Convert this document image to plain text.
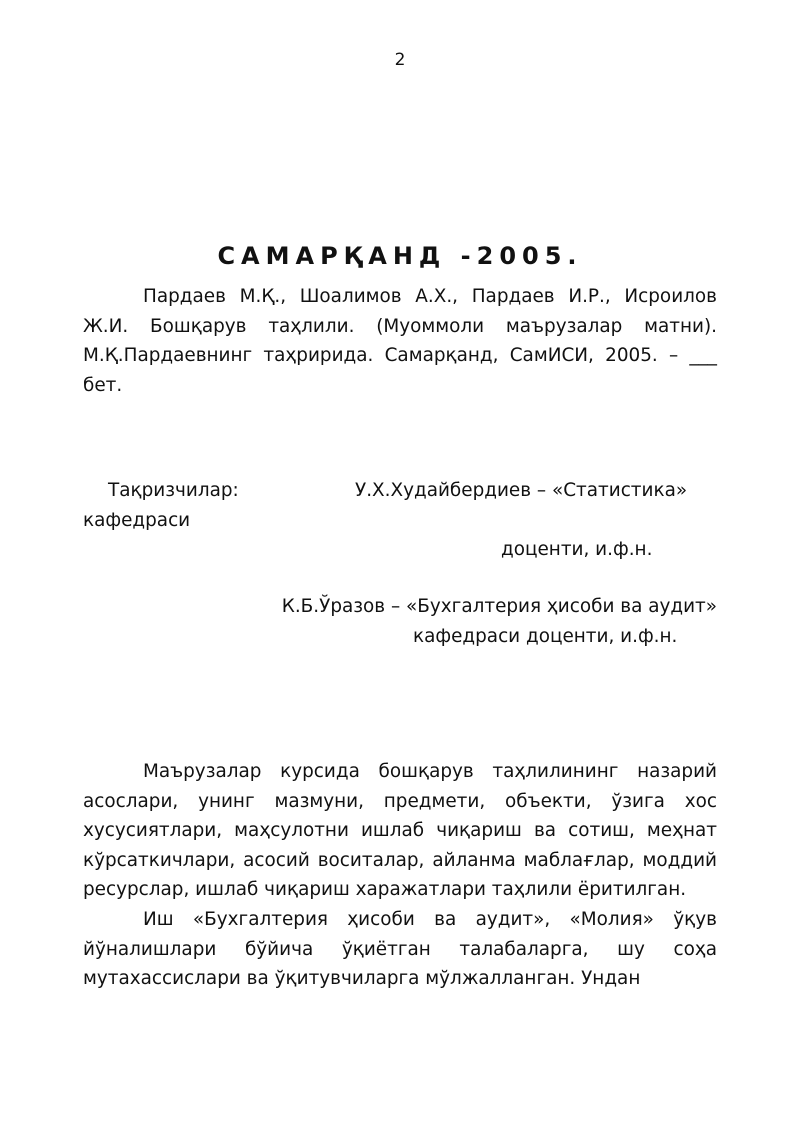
2
САМАРҚАНД -2005.
Пардаев М.Қ., Шоалимов А.Х., Пардаев И.Р., Исроилов Ж.И. Бошқарув таҳлили. (Муоммоли маърузалар матни). М.Қ.Пардаевнинг таҳририда. Самарқанд, СамИСИ, 2005. – ___ бет.
Тақризчилар:	У.Х.Худайбердиев – «Статистика»
кафедраси
доценти, и.ф.н.
К.Б.Ўразов – «Бухгалтерия ҳисоби ва аудит»
кафедраси доценти, и.ф.н.

Маърузалар курсида бошқарув таҳлилининг назарий асослари, унинг мазмуни, предмети, объекти, ўзига хос хусусиятлари, маҳсулотни ишлаб чиқариш ва сотиш, меҳнат кўрсаткичлари, асосий воситалар, айланма маблағлар, моддий ресурслар, ишлаб чиқариш харажатлари таҳлили ёритилган.

Иш «Бухгалтерия ҳисоби ва аудит», «Молия» ўқув йўналишлари бўйича ўқиётган талабаларга, шу соҳа мутахассислари ва ўқитувчиларга мўлжалланган. Ундан
